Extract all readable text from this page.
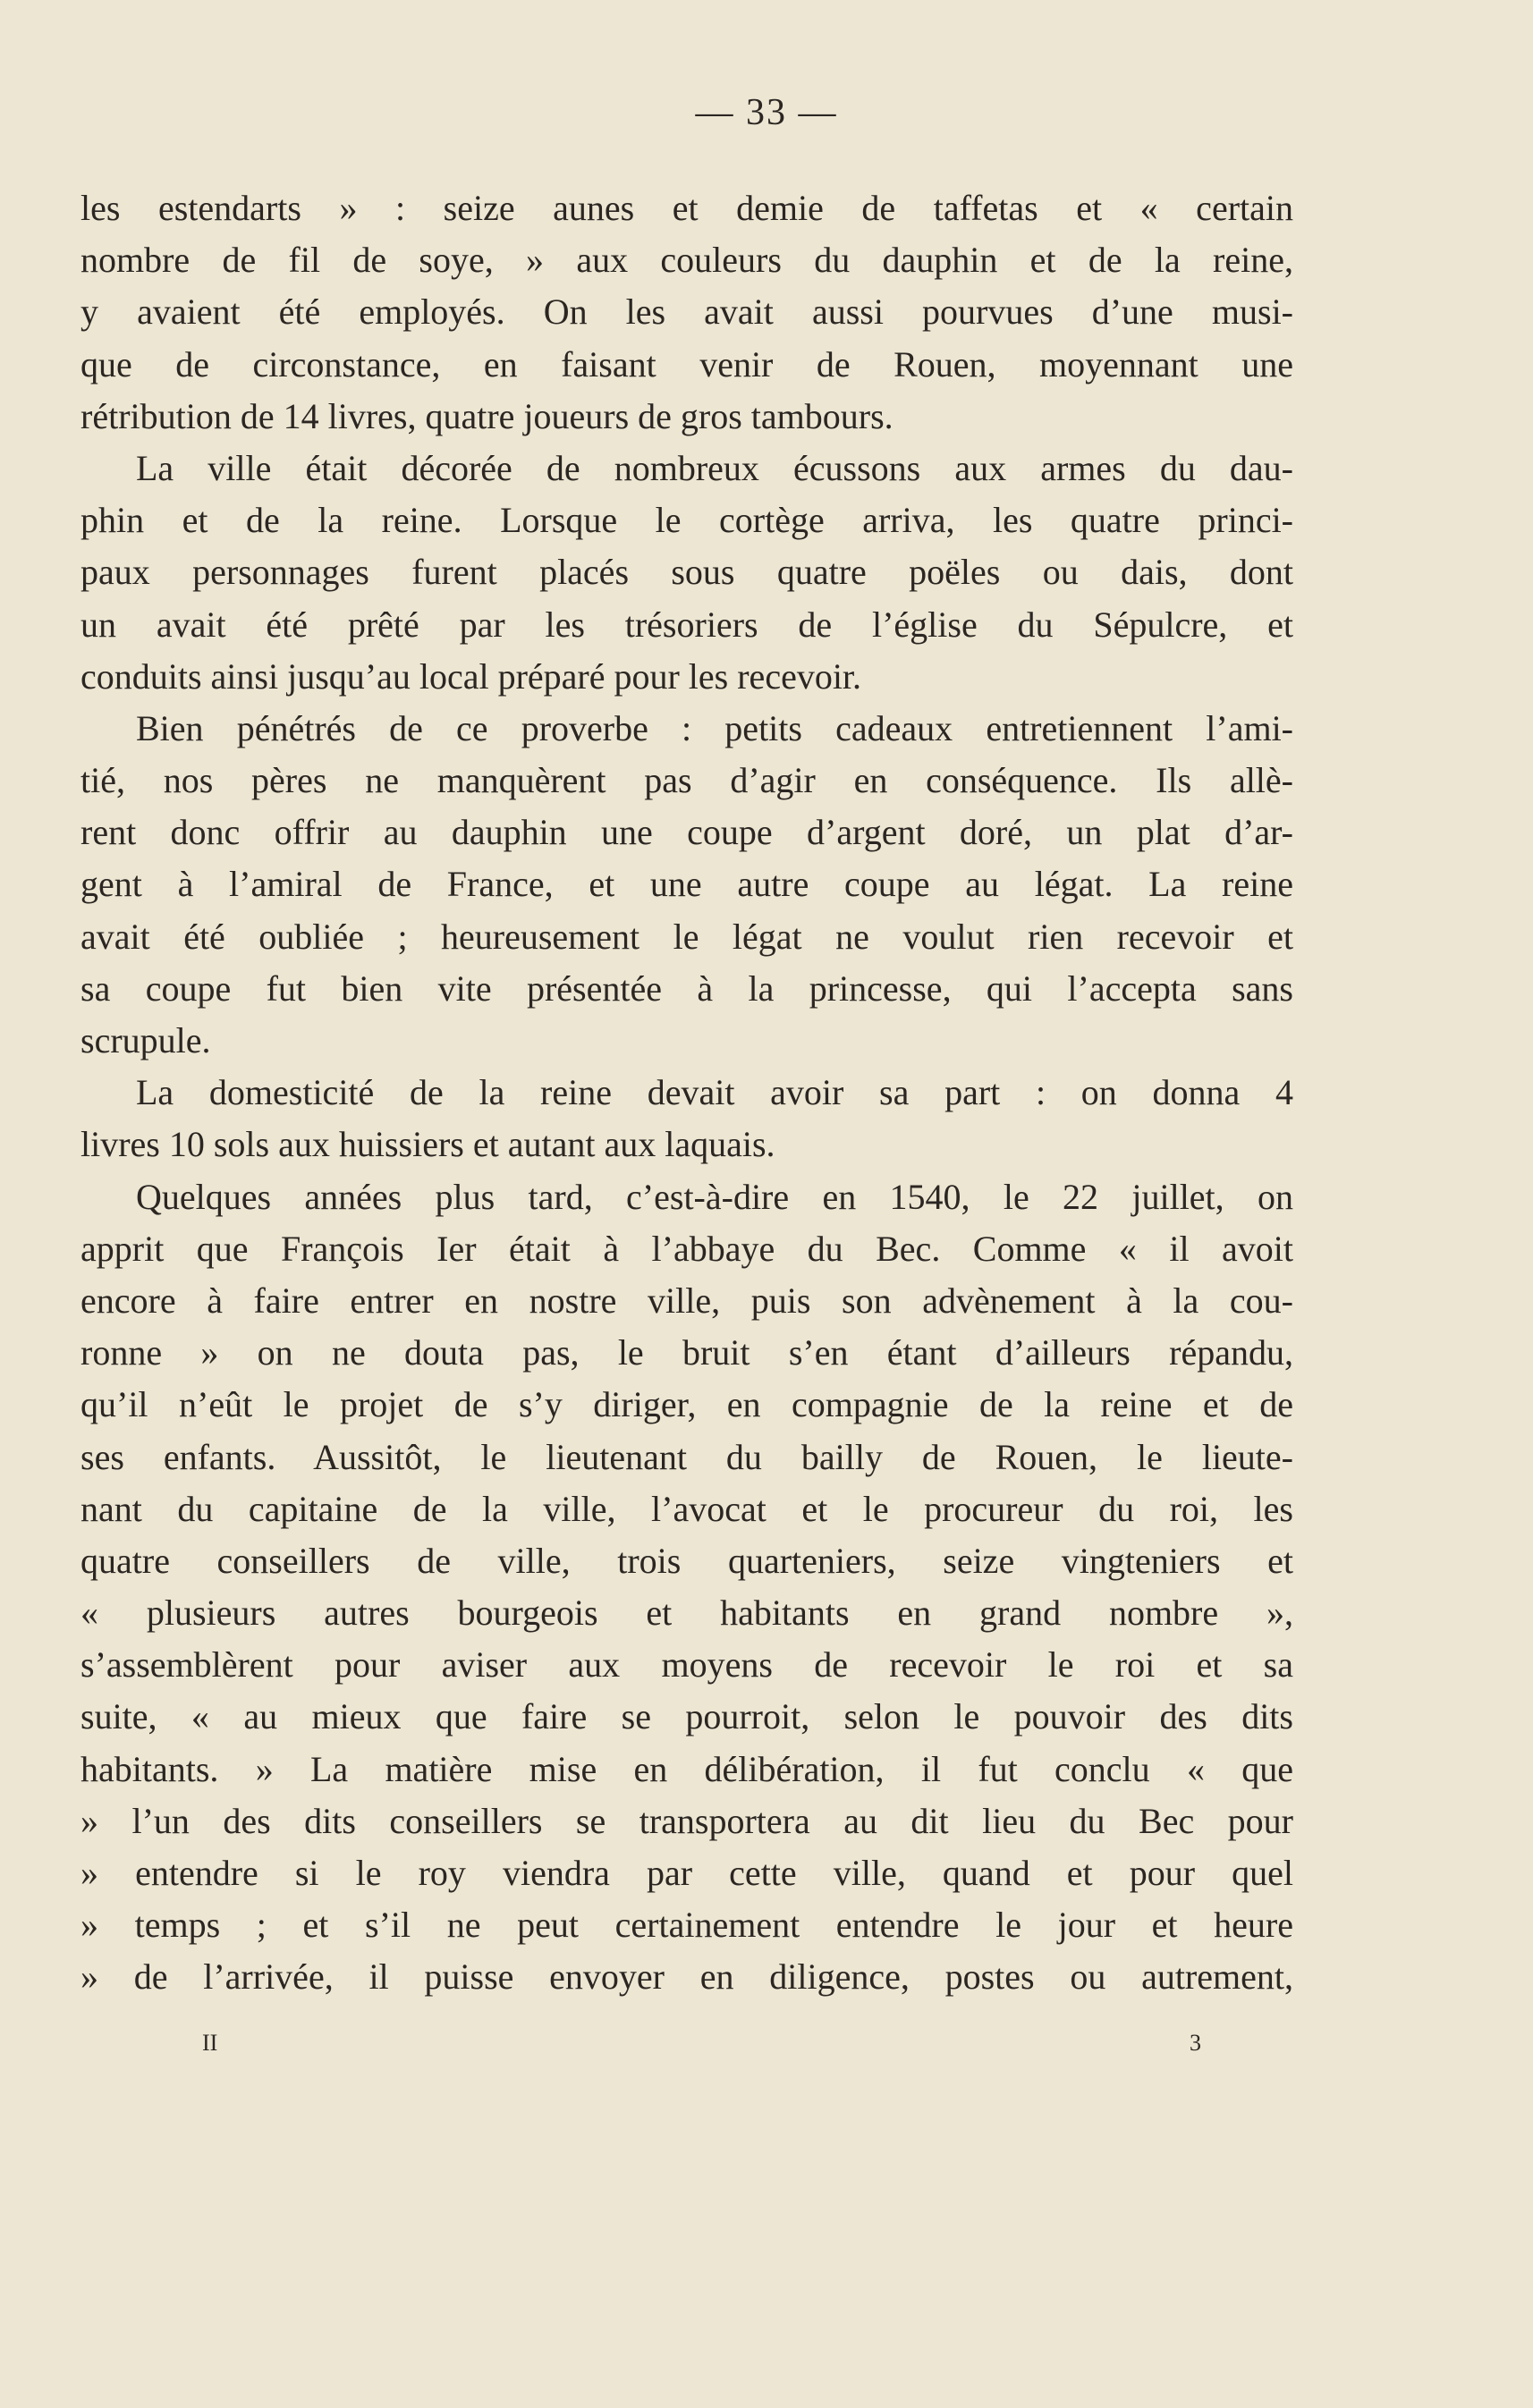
— 33 —
les estendarts » : seize aunes et demie de taffetas et « certain
nombre de fil de soye, » aux couleurs du dauphin et de la reine,
y avaient été employés. On les avait aussi pourvues d’une musi-
que de circonstance, en faisant venir de Rouen, moyennant une
rétribution de 14 livres, quatre joueurs de gros tambours.
La ville était décorée de nombreux écussons aux armes du dau-
phin et de la reine. Lorsque le cortège arriva, les quatre princi-
paux personnages furent placés sous quatre poëles ou dais, dont
un avait été prêté par les trésoriers de l’église du Sépulcre, et
conduits ainsi jusqu’au local préparé pour les recevoir.
Bien pénétrés de ce proverbe : petits cadeaux entretiennent l’ami-
tié, nos pères ne manquèrent pas d’agir en conséquence. Ils allè-
rent donc offrir au dauphin une coupe d’argent doré, un plat d’ar-
gent à l’amiral de France, et une autre coupe au légat. La reine
avait été oubliée ; heureusement le légat ne voulut rien recevoir et
sa coupe fut bien vite présentée à la princesse, qui l’accepta sans
scrupule.
La domesticité de la reine devait avoir sa part : on donna 4
livres 10 sols aux huissiers et autant aux laquais.
Quelques années plus tard, c’est-à-dire en 1540, le 22 juillet, on
apprit que François Ier était à l’abbaye du Bec. Comme « il avoit
encore à faire entrer en nostre ville, puis son advènement à la cou-
ronne » on ne douta pas, le bruit s’en étant d’ailleurs répandu,
qu’il n’eût le projet de s’y diriger, en compagnie de la reine et de
ses enfants. Aussitôt, le lieutenant du bailly de Rouen, le lieute-
nant du capitaine de la ville, l’avocat et le procureur du roi, les
quatre conseillers de ville, trois quarteniers, seize vingteniers et
« plusieurs autres bourgeois et habitants en grand nombre »,
s’assemblèrent pour aviser aux moyens de recevoir le roi et sa
suite, « au mieux que faire se pourroit, selon le pouvoir des dits
habitants. » La matière mise en délibération, il fut conclu « que
» l’un des dits conseillers se transportera au dit lieu du Bec pour
» entendre si le roy viendra par cette ville, quand et pour quel
» temps ; et s’il ne peut certainement entendre le jour et heure
» de l’arrivée, il puisse envoyer en diligence, postes ou autrement,
II	3
